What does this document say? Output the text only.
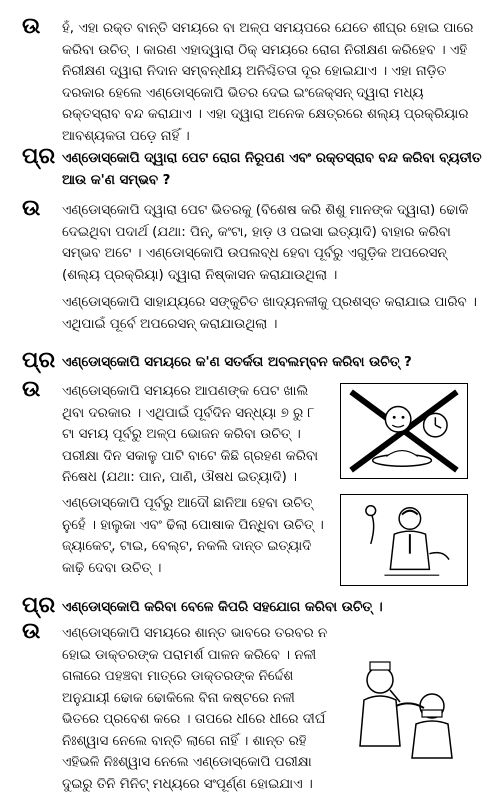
ଉ ହଁ, ଏହା ରକ୍ତ ବାନ୍ତି ସମୟରେ ବା ଅଳ୍ପ ସମୟପରେ ଯେତେ ଶୀଘ୍ର ହୋଇ ପାରେ କରିବା ଉଚିତ୍ । କାରଣ ଏହାଦ୍ୱାରା ଠିକ୍ ସମୟରେ ରୋଗ ନିରୀକ୍ଷଣ କରିହେବ । ଏହି ନିରୀକ୍ଷଣ ଦ୍ୱାରା ନିଦାନ ସମ୍ବନ୍ଧୀୟ ଅନିଶ୍ଚିତତା ଦୂର ହୋଇଯାଏ । ଏହା ନାଡ଼ିତ ଦରକାର ହେଲେ ଏଣ୍ଡୋସ୍କୋପି ଭିତର ଦେଇ ଇଂଜେକ୍ସନ୍ ଦ୍ୱାରା ମଧ୍ୟ ରକ୍ତସ୍ରାବ ବନ୍ଦ କରାଯାଏ । ଏହା ଦ୍ୱାରା ଅନେକ କ୍ଷେତ୍ରରେ ଶଲ୍ୟ ପ୍ରକ୍ରିୟାର ଆବଶ୍ୟକତା ପଡ଼େ ନାହିଁ ।
ପ୍ର ଏଣ୍ଡୋସ୍କୋପି ଦ୍ୱାରା ପେଟ ରୋଗ ନିରୂପଣ ଏବଂ ରକ୍ତସ୍ରାବ ବନ୍ଦ କରିବା ବ୍ୟତୀତ ଆଉ କ'ଣ ସମ୍ଭବ ?
ଉ ଏଣ୍ଡୋସ୍କୋପି ଦ୍ୱାରା ପେଟ ଭିତରକୁ (ବିଶେଷ କରି ଶିଶୁ ମାନଙ୍କ ଦ୍ୱାରା) ଢୋକି ଦେଇଥିବା ପଦାର୍ଥ (ଯଥା: ପିନ୍, କଂଟା, ହାଡ଼ ଓ ପଇସା ଇତ୍ୟାଦି) ବାହାର କରିବା ସମ୍ଭବ ଅଟେ । ଏଣ୍ଡୋସ୍କୋପି ଉପଲବ୍ଧ ହେବା ପୂର୍ବରୁ ଏଗୁଡ଼ିକ ଅପରେସନ୍ (ଶଲ୍ୟ ପ୍ରକ୍ରିୟା) ଦ୍ୱାରା ନିଷ୍କାସନ କରାଯାଉଥିଲା ।
ଏଣ୍ଡୋସ୍କୋପି ସାହାଯ୍ୟରେ ସଙ୍କୁଚିତ ଖାଦ୍ୟନଳୀକୁ ପ୍ରଶସ୍ତ କରାଯାଇ ପାରିବ । ଏଥିପାଇଁ ପୂର୍ବେ ଅପରେସନ୍ କରାଯାଉଥିଲା ।
ପ୍ର ଏଣ୍ଡୋସ୍କୋପି ସମୟରେ କ'ଣ ସତର୍କତା ଅବଲମ୍ବନ କରିବା ଉଚିତ୍ ?
ଉ ଏଣ୍ଡୋସ୍କୋପି ସମୟରେ ଆପଣଙ୍କ ପେଟ ଖାଲି ଥିବା ଦରକାର । ଏଥିପାଇଁ ପୂର୍ବଦିନ ସନ୍ଧ୍ୟା ୭ ରୁ ୮ ଟା ସମୟ ପୂର୍ବରୁ ଅଳ୍ପ ଭୋଜନ କରିବା ଉଚିତ୍ । ପରୀକ୍ଷା ଦିନ ସକାଳୁ ପାଟି ବାଟେ କିଛି ଗ୍ରହଣ କରିବା ନିଷେଧ (ଯଥା: ପାନ, ପାଣି, ଔଷଧ ଇତ୍ୟାଦି) ।
ଏଣ୍ଡୋସ୍କୋପି ପୂର୍ବରୁ ଆଦୌ ଛାନିଆ ହେବା ଉଚିତ୍ ନୁହେଁ । ହାଲୁକା ଏବଂ ଢିଲା ପୋଷାକ ପିନ୍ଧିବା ଉଚିତ୍ । ଜ୍ୟାକେଟ୍, ଟାଇ, ବେଲ୍ଟ, ନକଲି ଦାନ୍ତ ଇତ୍ୟାଦି କାଢ଼ି ଦେବା ଉଚିତ୍ ।
ପ୍ର ଏଣ୍ଡୋସ୍କୋପି କରିବା ବେଳେ କିପରି ସହଯୋଗ କରିବା ଉଚିତ୍ ।
ଉ ଏଣ୍ଡୋସ୍କୋପି ସମୟରେ ଶାନ୍ତ ଭାବରେ ତରବର ନ ହୋଇ ଡାକ୍ତରଙ୍କ ପରାମର୍ଶ ପାଳନ କରିବେ । ନଳୀ ଗଳାରେ ପହଞ୍ଚବା ମାତ୍ରେ ଡାକ୍ତରଙ୍କ ନିର୍ଦ୍ଦେଶ ଅନୁଯାୟୀ ଢୋକ ଢୋକିଲେ ବିନା କଷ୍ଟରେ ନଳୀ ଭିତରେ ପ୍ରବେଶ କରେ । ତାପରେ ଧୀରେ ଧୀରେ ଦୀର୍ଘ ନିଃଶ୍ୱାସ ନେଲେ ବାନ୍ତି ଲାଗେ ନାହିଁ । ଶାନ୍ତ ରହି ଏହିଭଳି ନିଃଶ୍ୱାସ ନେଲେ ଏଣ୍ଡୋସ୍କୋପି ପରୀକ୍ଷା ଦୁଇରୁ ତିନି ମିନିଟ୍ ମଧ୍ୟରେ ସଂପୂର୍ଣ୍ଣ ହୋଇଯାଏ ।
